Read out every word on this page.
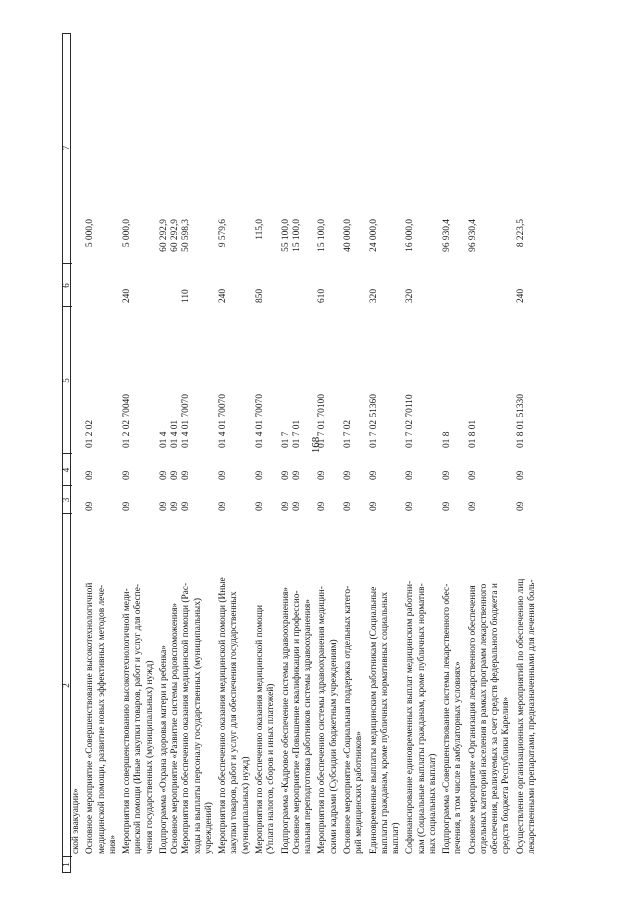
168
1
2
3
4
5
6
7
ской эвакуации» Основное мероприятие «Совершенствование высокотехнологичной медицинской помощи, развитие новых эффективных методов лече- ния»
09
09
01 2 02
5 000,0
Мероприятия по совершенствованию высокотехнологичной меди- цинской помощи (Иные закупки товаров, работ и услуг для обеспе- чения государственных (муниципальных) нужд)
09
09
01 2 02 70040
240
5 000,0
Подпрограмма «Охрана здоровья матери и ребенка» Основное мероприятие «Развитие системы родовспоможения» Мероприятия по обеспечению оказания медицинской помощи (Рас- ходы на выплаты персоналу государственных (муниципальных) учреждений)
09 09 09
09 09 09
01 4 01 4 01 01 4 01 70070
110
60 292,9 60 292,9 50 598,3
Мероприятия по обеспечению оказания медицинской помощи (Иные закупки товаров, работ и услуг для обеспечения государственных (муниципальных) нужд)
09
09
01 4 01 70070
240
9 579,6
Мероприятия по обеспечению оказания медицинской помощи (Уплата налогов, сборов и иных платежей)
09
09
01 4 01 70070
850
115,0
Подпрограмма «Кадровое обеспечение системы здравоохранения» Основное мероприятие «Повышение квалификации и профессио- нальная переподготовка работников системы здравоохранения»
09 09
09 09
01 7 01 7 01
55 100,0 15 100,0
Мероприятия по обеспечению системы здравоохранения медицин- скими кадрами (Субсидии бюджетным учреждениям)
09
09
01 7 01 70100
610
15 100,0
Основное мероприятие «Социальная поддержка отдельных катего- рий медицинских работников»
09
09
01 7 02
40 000,0
Единовременные выплаты медицинским работникам (Социальные выплаты гражданам, кроме публичных нормативных социальных выплат)
09
09
01 7 02 51360
320
24 000,0
Софинансирование единовременных выплат медицинским работни- кам (Социальные выплаты гражданам, кроме публичных норматив- ных социальных выплат)
09
09
01 7 02 70110
320
16 000,0
Подпрограмма «Совершенствование системы лекарственного обес- печения, в том числе в амбулаторных условиях»
09
09
01 8
96 930,4
Основное мероприятие «Организация лекарственного обеспечения отдельных категорий населения в рамках программ лекарственного обеспечения, реализуемых за счет средств федерального бюджета и средств бюджета Республики Карелия»
09
09
01 8 01
96 930,4
Осуществление организационных мероприятий по обеспечению лиц лекарственными препаратами, предназначенными для лечения боль-
09
09
01 8 01 51330
240
8 223,5
